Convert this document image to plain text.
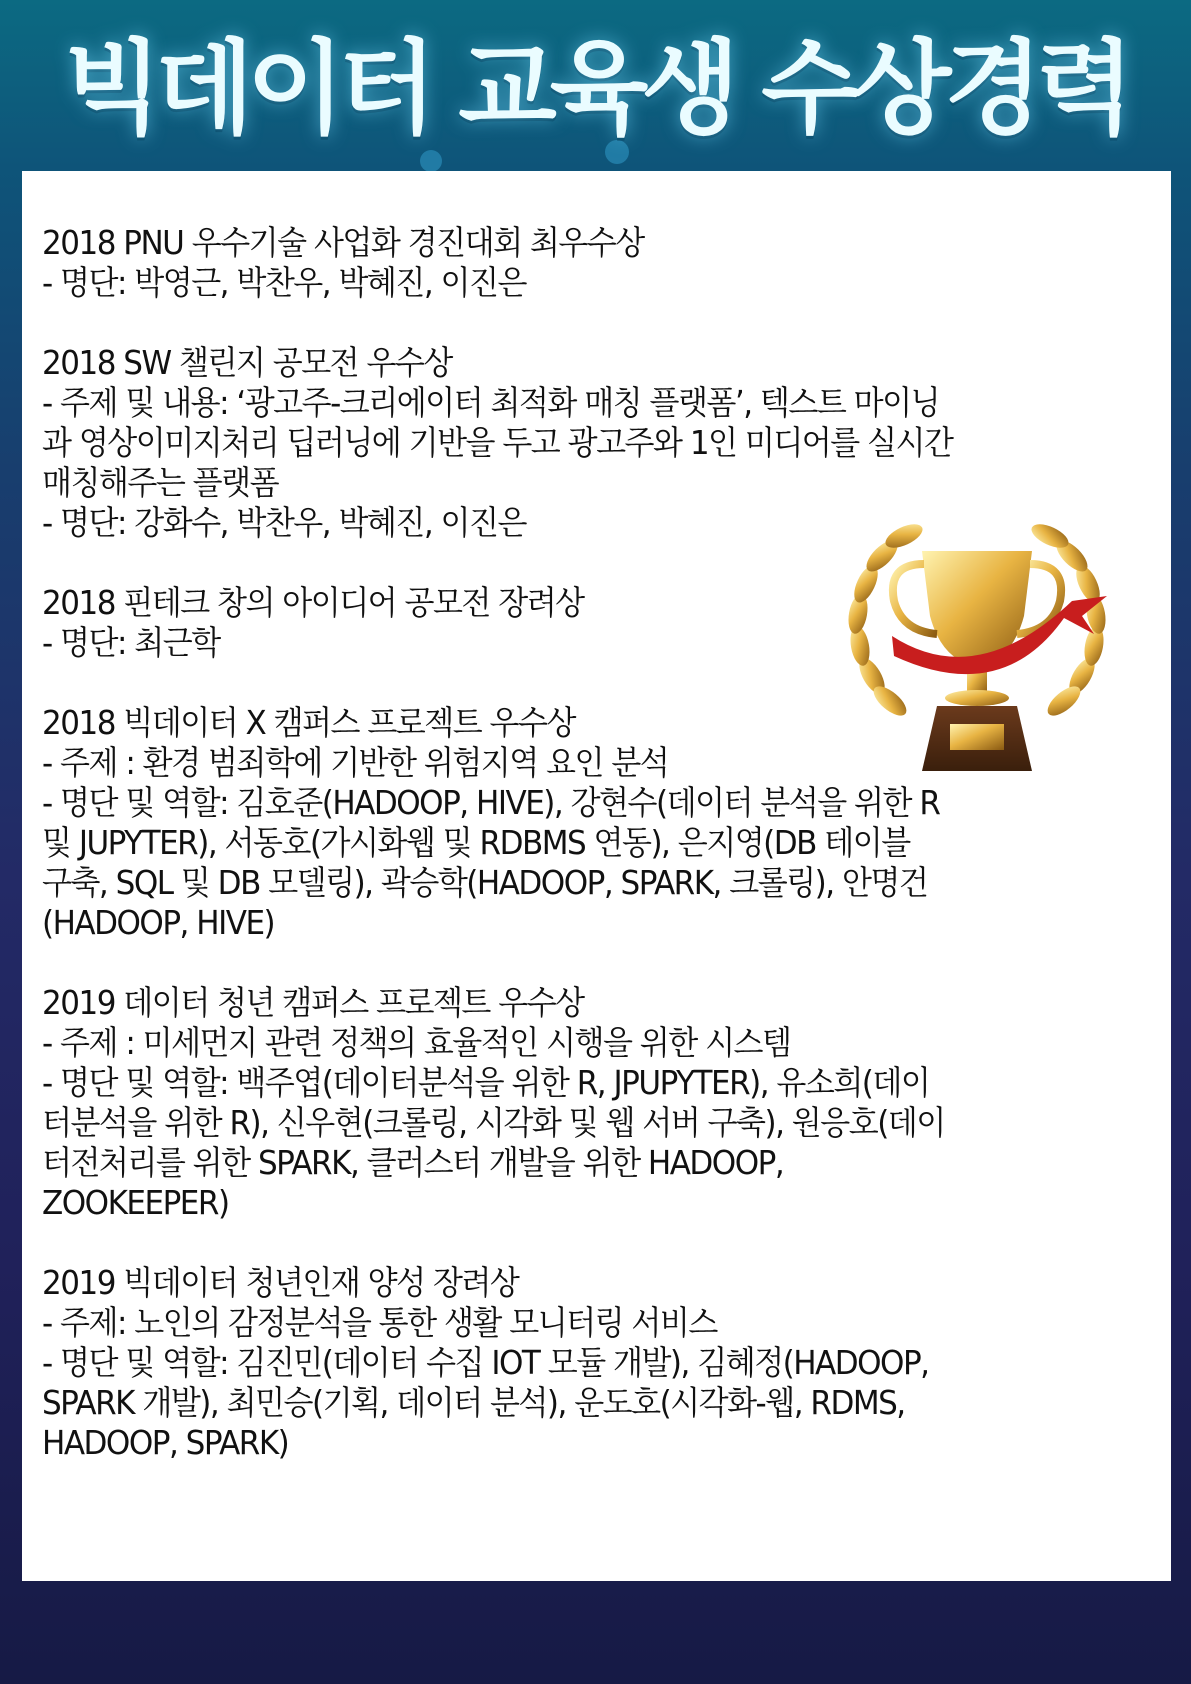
빅데이터 교육생 수상경력
2018 PNU 우수기술 사업화 경진대회 최우수상
- 명단: 박영근, 박찬우, 박혜진, 이진은
2018 SW 챌린지 공모전 우수상
- 주제 및 내용: ‘광고주-크리에이터 최적화 매칭 플랫폼’, 텍스트 마이닝
과 영상이미지처리 딥러닝에 기반을 두고 광고주와 1인 미디어를 실시간
매칭해주는 플랫폼
- 명단: 강화수, 박찬우, 박혜진, 이진은
2018 핀테크 창의 아이디어 공모전 장려상
- 명단: 최근학
2018 빅데이터 X 캠퍼스 프로젝트 우수상
- 주제 : 환경 범죄학에 기반한 위험지역 요인 분석
- 명단 및 역할: 김호준(HADOOP, HIVE), 강현수(데이터 분석을 위한 R
및 JUPYTER), 서동호(가시화웹 및 RDBMS 연동), 은지영(DB 테이블
구축, SQL 및 DB 모델링), 곽승학(HADOOP, SPARK, 크롤링), 안명건
(HADOOP, HIVE)
2019 데이터 청년 캠퍼스 프로젝트 우수상
- 주제 : 미세먼지 관련 정책의 효율적인 시행을 위한 시스템
- 명단 및 역할: 백주엽(데이터분석을 위한 R, JPUPYTER), 유소희(데이
터분석을 위한 R), 신우현(크롤링, 시각화 및 웹 서버 구축), 원응호(데이
터전처리를 위한 SPARK, 클러스터 개발을 위한 HADOOP,
ZOOKEEPER)
2019 빅데이터 청년인재 양성 장려상
- 주제: 노인의 감정분석을 통한 생활 모니터링 서비스
- 명단 및 역할: 김진민(데이터 수집 IOT 모듈 개발), 김혜정(HADOOP,
SPARK 개발), 최민승(기획, 데이터 분석), 운도호(시각화-웹, RDMS,
HADOOP, SPARK)
